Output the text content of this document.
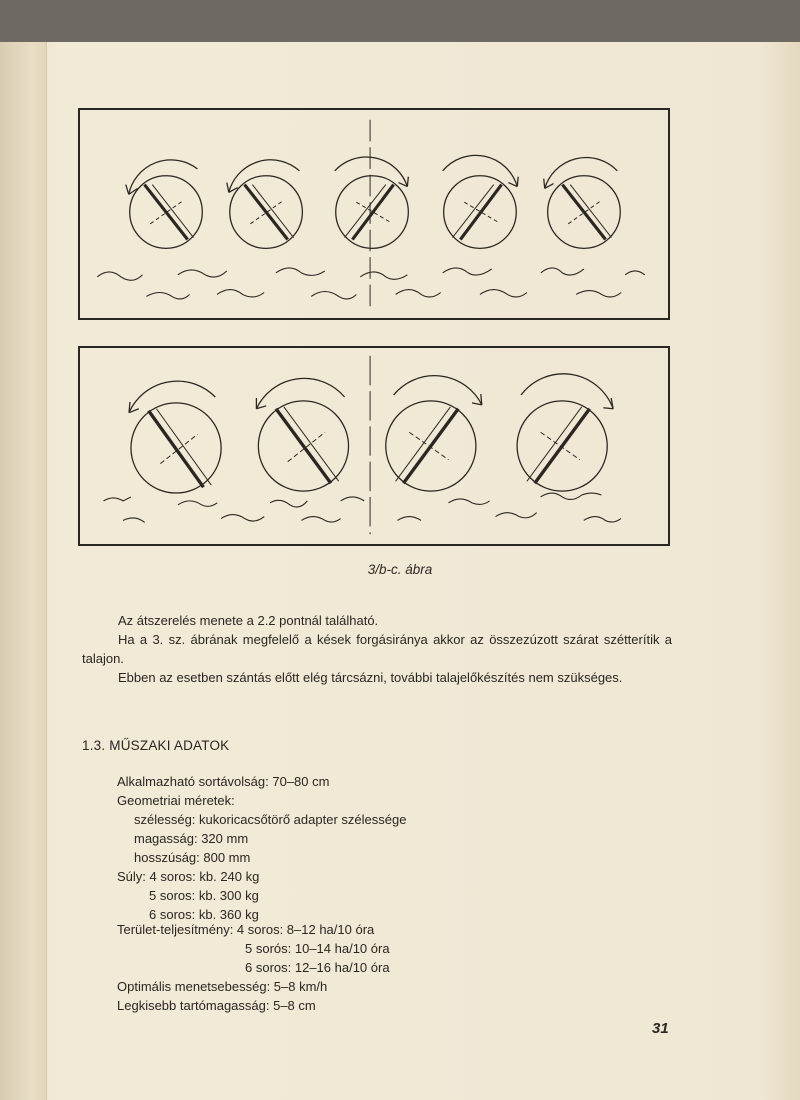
3/b-c. ábra
Az átszerelés menete a 2.2 pontnál található.
Ha a 3. sz. ábrának megfelelő a kések forgásiránya akkor az összezúzott szárat szétterítik a talajon.
Ebben az esetben szántás előtt elég tárcsázni, további talajelőkészítés nem szükséges.
1.3. MŰSZAKI ADATOK
Alkalmazható sortávolság: 70–80 cm
Geometriai méretek:
szélesség: kukoricacsőtörő adapter szélessége
magasság: 320 mm
hosszúság: 800 mm
Súly: 4 soros: kb. 240 kg
5 soros: kb. 300 kg
6 soros: kb. 360 kg
Terület-teljesítmény: 4 soros: 8–12 ha/10 óra
5 sorós: 10–14 ha/10 óra
6 soros: 12–16 ha/10 óra
Optimális menetsebesség: 5–8 km/h
Legkisebb tartómagasság: 5–8 cm
31
